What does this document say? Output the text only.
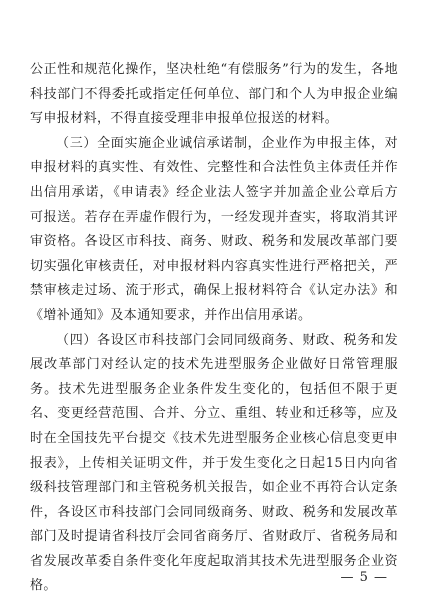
公正性和规范化操作，坚决杜绝“有偿服务”行为的发生，各地科技部门不得委托或指定任何单位、部门和个人为申报企业编写申报材料，不得直接受理非申报单位报送的材料。

（三）全面实施企业诚信承诺制，企业作为申报主体，对申报材料的真实性、有效性、完整性和合法性负主体责任并作出信用承诺，《申请表》经企业法人签字并加盖企业公章后方可报送。若存在弄虚作假行为，一经发现并查实，将取消其评审资格。各设区市科技、商务、财政、税务和发展改革部门要切实强化审核责任，对申报材料内容真实性进行严格把关，严禁审核走过场、流于形式，确保上报材料符合《认定办法》和《增补通知》及本通知要求，并作出信用承诺。

（四）各设区市科技部门会同同级商务、财政、税务和发展改革部门对经认定的技术先进型服务企业做好日常管理服务。技术先进型服务企业条件发生变化的，包括但不限于更名、变更经营范围、合并、分立、重组、转业和迁移等，应及时在全国技先平台提交《技术先进型服务企业核心信息变更申报表》，上传相关证明文件，并于发生变化之日起15日内向省级科技管理部门和主管税务机关报告，如企业不再符合认定条件，各设区市科技部门会同同级商务、财政、税务和发展改革部门及时提请省科技厅会同省商务厅、省财政厅、省税务局和省发展改革委自条件变化年度起取消其技术先进型服务企业资格。

— 5 —
